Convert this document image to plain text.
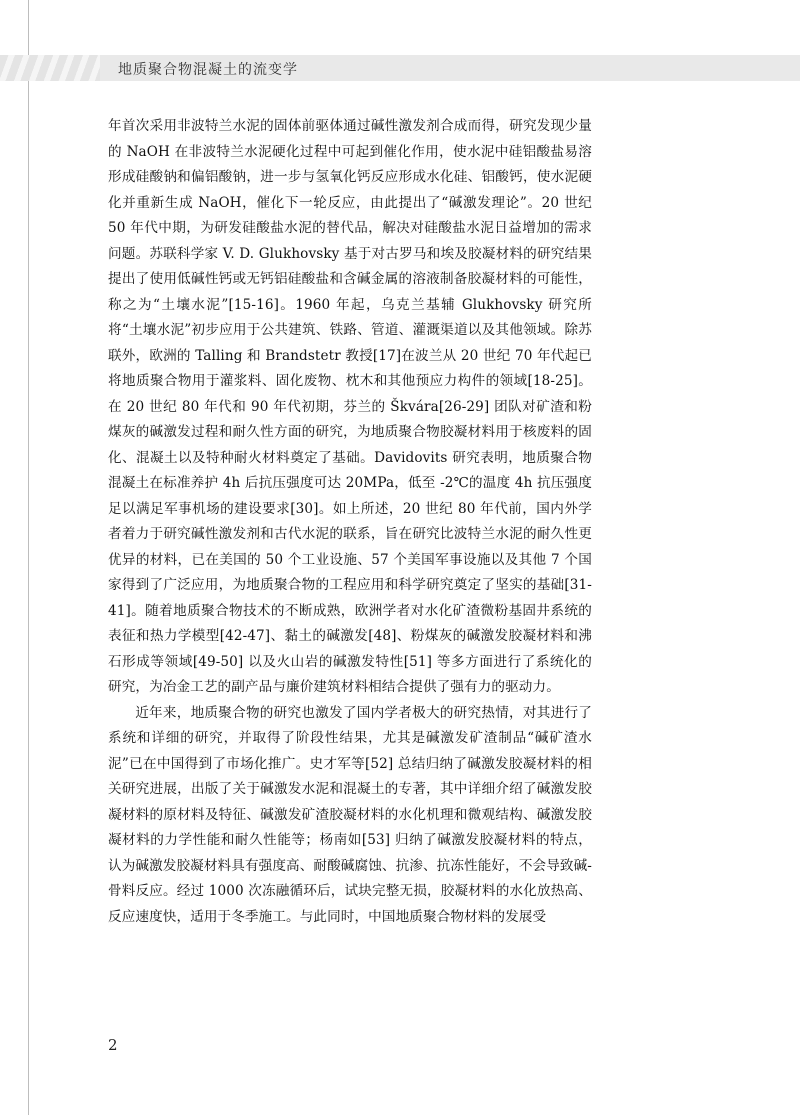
地质聚合物混凝土的流变学

年首次采用非波特兰水泥的固体前驱体通过碱性激发剂合成而得，研究发现少量的 NaOH 在非波特兰水泥硬化过程中可起到催化作用，使水泥中硅铝酸盐易溶形成硅酸钠和偏铝酸钠，进一步与氢氧化钙反应形成水化硅、铝酸钙，使水泥硬化并重新生成 NaOH，催化下一轮反应，由此提出了“碱激发理论”。20 世纪 50 年代中期，为研发硅酸盐水泥的替代品，解决对硅酸盐水泥日益增加的需求问题。苏联科学家 V. D. Glukhovsky 基于对古罗马和埃及胶凝材料的研究结果提出了使用低碱性钙或无钙铝硅酸盐和含碱金属的溶液制备胶凝材料的可能性，称之为“土壤水泥”[15-16]。1960 年起，乌克兰基辅 Glukhovsky 研究所将“土壤水泥”初步应用于公共建筑、铁路、管道、灌溉渠道以及其他领域。除苏联外，欧洲的 Talling 和 Brandstetr 教授[17]在波兰从 20 世纪 70 年代起已将地质聚合物用于灌浆料、固化废物、枕木和其他预应力构件的领域[18-25]。在 20 世纪 80 年代和 90 年代初期，芬兰的 Škvára[26-29] 团队对矿渣和粉煤灰的碱激发过程和耐久性方面的研究，为地质聚合物胶凝材料用于核废料的固化、混凝土以及特种耐火材料奠定了基础。Davidovits 研究表明，地质聚合物混凝土在标准养护 4h 后抗压强度可达 20MPa，低至 -2℃的温度 4h 抗压强度足以满足军事机场的建设要求[30]。如上所述，20 世纪 80 年代前，国内外学者着力于研究碱性激发剂和古代水泥的联系，旨在研究比波特兰水泥的耐久性更优异的材料，已在美国的 50 个工业设施、57 个美国军事设施以及其他 7 个国家得到了广泛应用，为地质聚合物的工程应用和科学研究奠定了坚实的基础[31-41]。随着地质聚合物技术的不断成熟，欧洲学者对水化矿渣微粉基固井系统的表征和热力学模型[42-47]、黏土的碱激发[48]、粉煤灰的碱激发胶凝材料和沸石形成等领域[49-50] 以及火山岩的碱激发特性[51] 等多方面进行了系统化的研究，为冶金工艺的副产品与廉价建筑材料相结合提供了强有力的驱动力。

近年来，地质聚合物的研究也激发了国内学者极大的研究热情，对其进行了系统和详细的研究，并取得了阶段性结果，尤其是碱激发矿渣制品“碱矿渣水泥”已在中国得到了市场化推广。史才军等[52] 总结归纳了碱激发胶凝材料的相关研究进展，出版了关于碱激发水泥和混凝土的专著，其中详细介绍了碱激发胶凝材料的原材料及特征、碱激发矿渣胶凝材料的水化机理和微观结构、碱激发胶凝材料的力学性能和耐久性能等；杨南如[53] 归纳了碱激发胶凝材料的特点，认为碱激发胶凝材料具有强度高、耐酸碱腐蚀、抗渗、抗冻性能好，不会导致碱-骨料反应。经过 1000 次冻融循环后，试块完整无损，胶凝材料的水化放热高、反应速度快，适用于冬季施工。与此同时，中国地质聚合物材料的发展受

2
